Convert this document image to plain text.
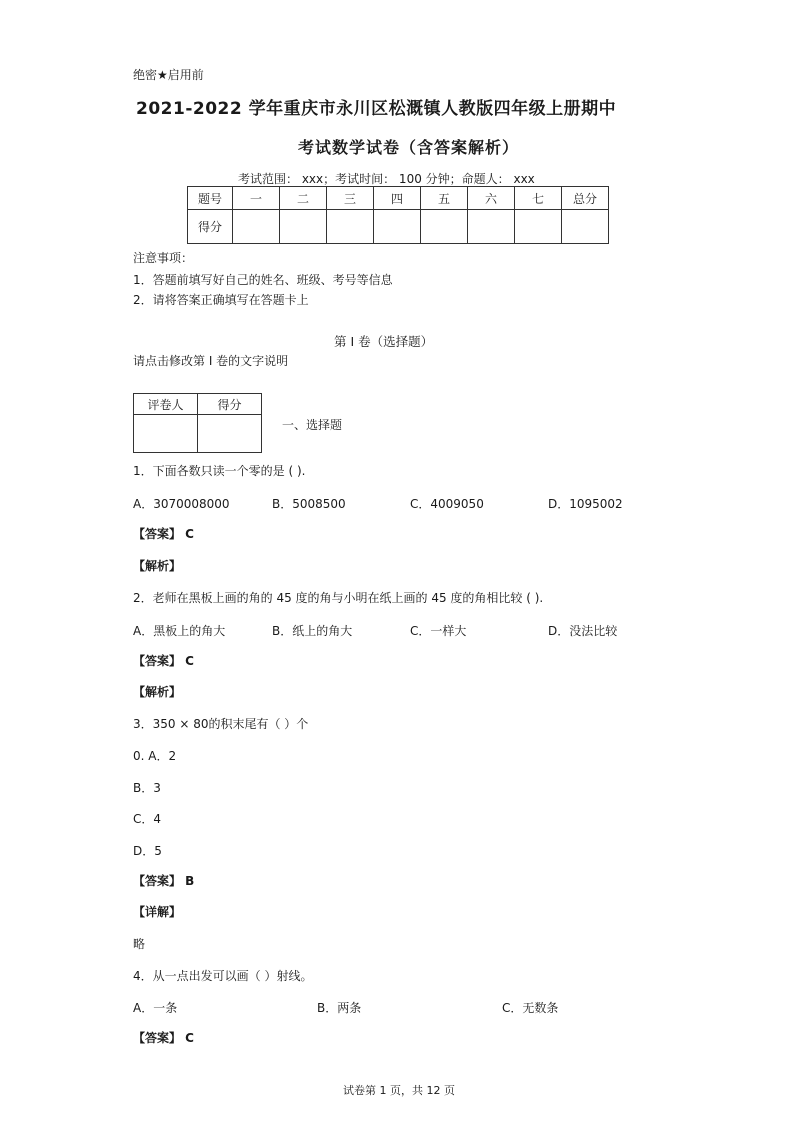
绝密★启用前
2021-2022 学年重庆市永川区松溉镇人教版四年级上册期中
考试数学试卷（含答案解析）
考试范围： xxx；考试时间： 100 分钟；命题人： xxx
题号	一	二	三	四	五	六	七	总分
得分								
注意事项：
1．答题前填写好自己的姓名、班级、考号等信息
2．请将答案正确填写在答题卡上
第 I 卷（选择题）
请点击修改第 I 卷的文字说明
评卷人	得分

一、选择题
1．下面各数只读一个零的是 ( ).
A．3070008000	B．5008500	C．4009050	D．1095002
【答案】 C
【解析】
2．老师在黑板上画的角的 45 度的角与小明在纸上画的 45 度的角相比较 ( ).
A．黑板上的角大	B．纸上的角大	C．一样大	D．没法比较
【答案】 C
【解析】
3．350 × 80的积末尾有（ ）个
0. A．2
B．3
C．4
D．5
【答案】 B
【详解】
略
4．从一点出发可以画（ ）射线。
A．一条	B．两条	C．无数条
【答案】 C
试卷第 1 页，共 12 页
